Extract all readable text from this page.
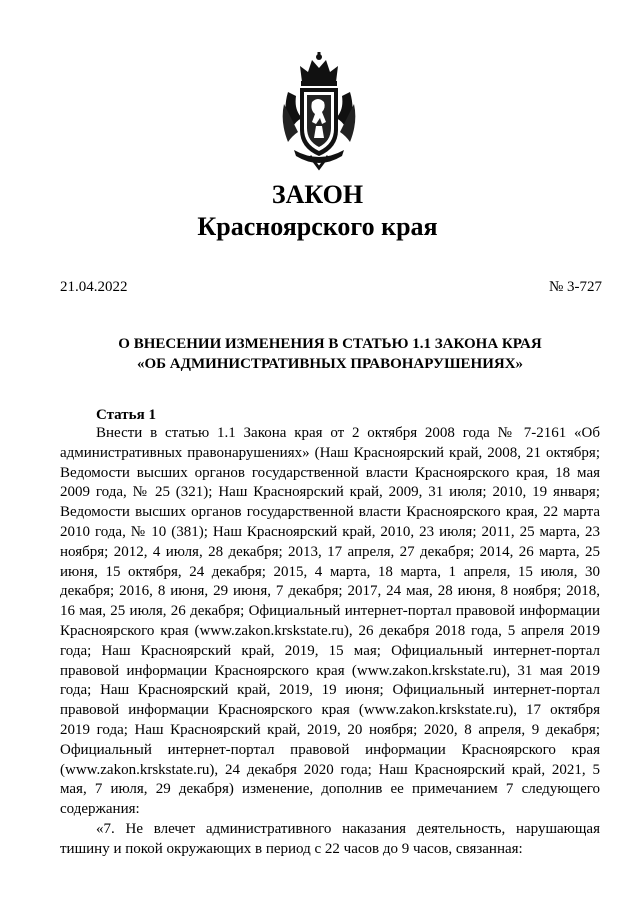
ЗАКОН
Красноярского края
21.04.2022	№ 3-727
О ВНЕСЕНИИ ИЗМЕНЕНИЯ В СТАТЬЮ 1.1 ЗАКОНА КРАЯ
«ОБ АДМИНИСТРАТИВНЫХ ПРАВОНАРУШЕНИЯХ»
Статья 1

Внести в статью 1.1 Закона края от 2 октября 2008 года № 7-2161 «Об административных правонарушениях» (Наш Красноярский край, 2008, 21 октября; Ведомости высших органов государственной власти Красноярского края, 18 мая 2009 года, № 25 (321); Наш Красноярский край, 2009, 31 июля; 2010, 19 января; Ведомости высших органов государственной власти Красноярского края, 22 марта 2010 года, № 10 (381); Наш Красноярский край, 2010, 23 июля; 2011, 25 марта, 23 ноября; 2012, 4 июля, 28 декабря; 2013, 17 апреля, 27 декабря; 2014, 26 марта, 25 июня, 15 октября, 24 декабря; 2015, 4 марта, 18 марта, 1 апреля, 15 июля, 30 декабря; 2016, 8 июня, 29 июня, 7 декабря; 2017, 24 мая, 28 июня, 8 ноября; 2018, 16 мая, 25 июля, 26 декабря; Официальный интернет-портал правовой информации Красноярского края (www.zakon.krskstate.ru), 26 декабря 2018 года, 5 апреля 2019 года; Наш Красноярский край, 2019, 15 мая; Официальный интернет-портал правовой информации Красноярского края (www.zakon.krskstate.ru), 31 мая 2019 года; Наш Красноярский край, 2019, 19 июня; Официальный интернет-портал правовой информации Красноярского края (www.zakon.krskstate.ru), 17 октября 2019 года; Наш Красноярский край, 2019, 20 ноября; 2020, 8 апреля, 9 декабря; Официальный интернет-портал правовой информации Красноярского края (www.zakon.krskstate.ru), 24 декабря 2020 года; Наш Красноярский край, 2021, 5 мая, 7 июля, 29 декабря) изменение, дополнив ее примечанием 7 следующего содержания:

«7. Не влечет административного наказания деятельность, нарушающая тишину и покой окружающих в период с 22 часов до 9 часов, связанная:
